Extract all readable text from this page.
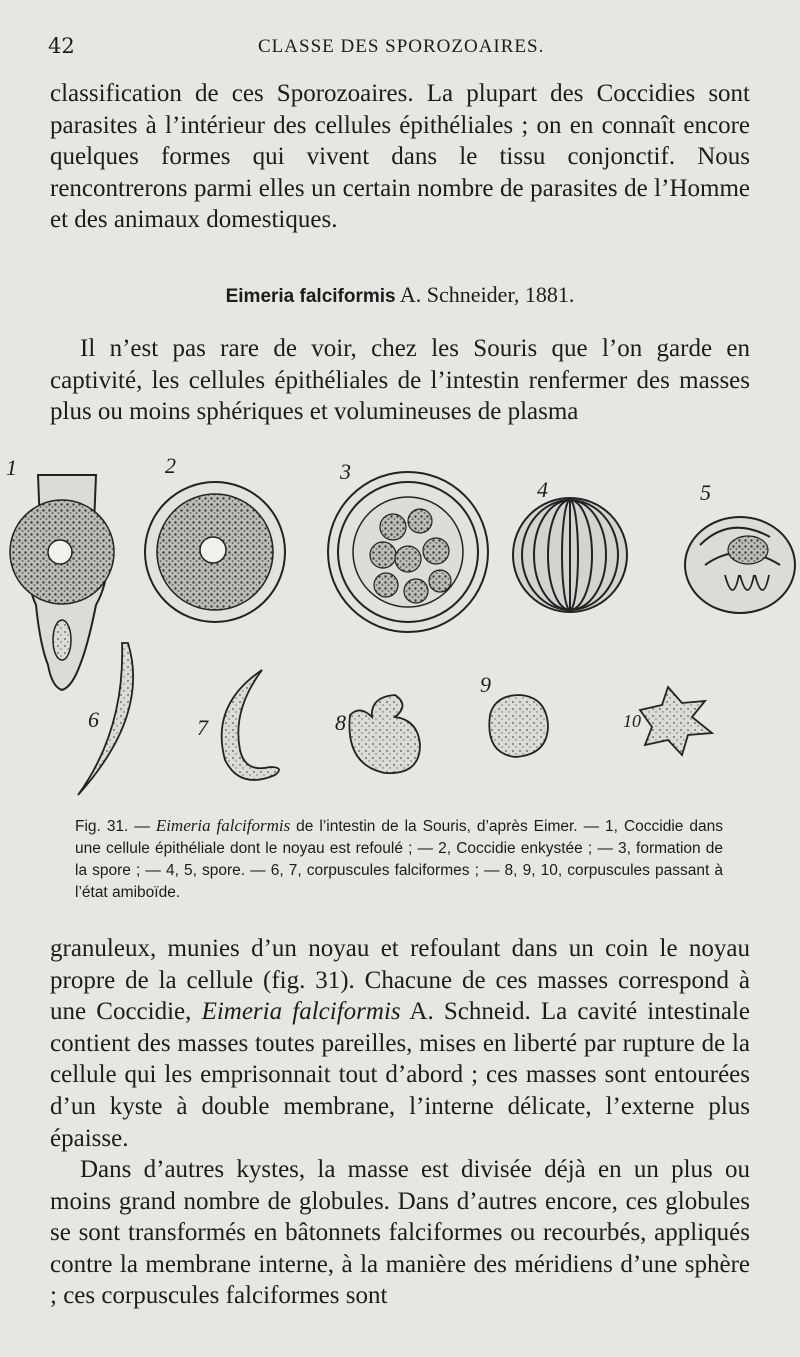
42	CLASSE DES SPOROZOAIRES.

classification de ces Sporozoaires. La plupart des Coccidies sont parasites à l’intérieur des cellules épithéliales ; on en connaît encore quelques formes qui vivent dans le tissu conjonctif. Nous rencontrerons parmi elles un certain nombre de parasites de l’Homme et des animaux domestiques.

Eimeria falciformis A. Schneider, 1881.

Il n’est pas rare de voir, chez les Souris que l’on garde en captivité, les cellules épithéliales de l’intestin renfermer des masses plus ou moins sphériques et volumineuses de plasma

1	2	3
4	5
6	7	8
9
10
Fig. 31. — Eimeria falciformis de l’intestin de la Souris, d’après Eimer. — 1, Coccidie dans une cellule épithéliale dont le noyau est refoulé ; — 2, Coccidie enkystée ; — 3, formation de la spore ; — 4, 5, spore. — 6, 7, corpuscules falciformes ; — 8, 9, 10, corpuscules passant à l’état amiboïde.

granuleux, munies d’un noyau et refoulant dans un coin le noyau propre de la cellule (fig. 31). Chacune de ces masses correspond à une Coccidie, Eimeria falciformis A. Schneid. La cavité intestinale contient des masses toutes pareilles, mises en liberté par rupture de la cellule qui les emprisonnait tout d’abord ; ces masses sont entourées d’un kyste à double membrane, l’interne délicate, l’externe plus épaisse.

Dans d’autres kystes, la masse est divisée déjà en un plus ou moins grand nombre de globules. Dans d’autres encore, ces globules se sont transformés en bâtonnets falciformes ou recourbés, appliqués contre la membrane interne, à la manière des méridiens d’une sphère ; ces corpuscules falciformes sont
